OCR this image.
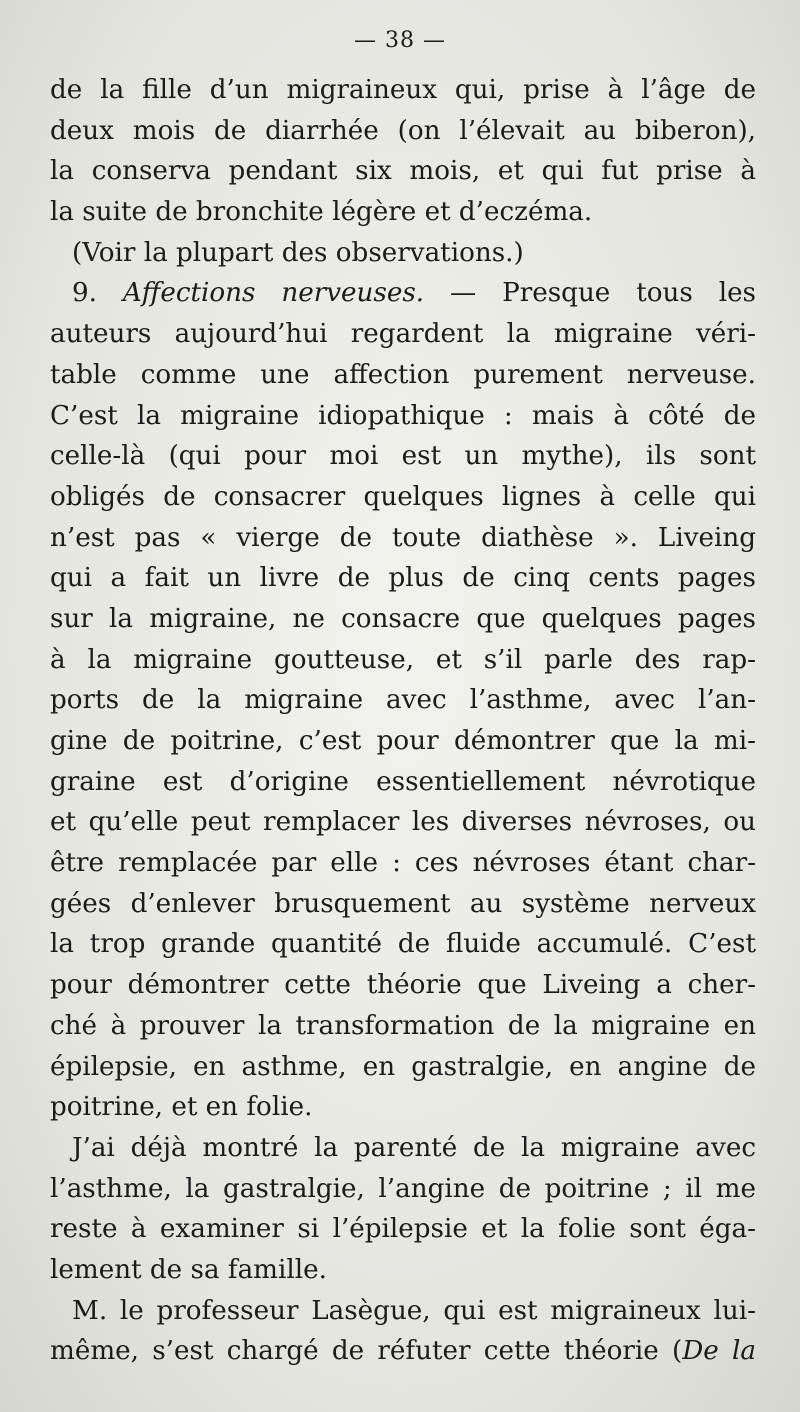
— 38 —
de la fille d’un migraineux qui, prise à l’âge de
deux mois de diarrhée (on l’élevait au biberon),
la conserva pendant six mois, et qui fut prise à
la suite de bronchite légère et d’eczéma.
(Voir la plupart des observations.)
9. Affections nerveuses. — Presque tous les
auteurs aujourd’hui regardent la migraine véri-
table comme une affection purement nerveuse.
C’est la migraine idiopathique : mais à côté de
celle-là (qui pour moi est un mythe), ils sont
obligés de consacrer quelques lignes à celle qui
n’est pas « vierge de toute diathèse ». Liveing
qui a fait un livre de plus de cinq cents pages
sur la migraine, ne consacre que quelques pages
à la migraine goutteuse, et s’il parle des rap-
ports de la migraine avec l’asthme, avec l’an-
gine de poitrine, c’est pour démontrer que la mi-
graine est d’origine essentiellement névrotique
et qu’elle peut remplacer les diverses névroses, ou
être remplacée par elle : ces névroses étant char-
gées d’enlever brusquement au système nerveux
la trop grande quantité de fluide accumulé. C’est
pour démontrer cette théorie que Liveing a cher-
ché à prouver la transformation de la migraine en
épilepsie, en asthme, en gastralgie, en angine de
poitrine, et en folie.
J’ai déjà montré la parenté de la migraine avec
l’asthme, la gastralgie, l’angine de poitrine ; il me
reste à examiner si l’épilepsie et la folie sont éga-
lement de sa famille.
M. le professeur Lasègue, qui est migraineux lui-
même, s’est chargé de réfuter cette théorie (De la
